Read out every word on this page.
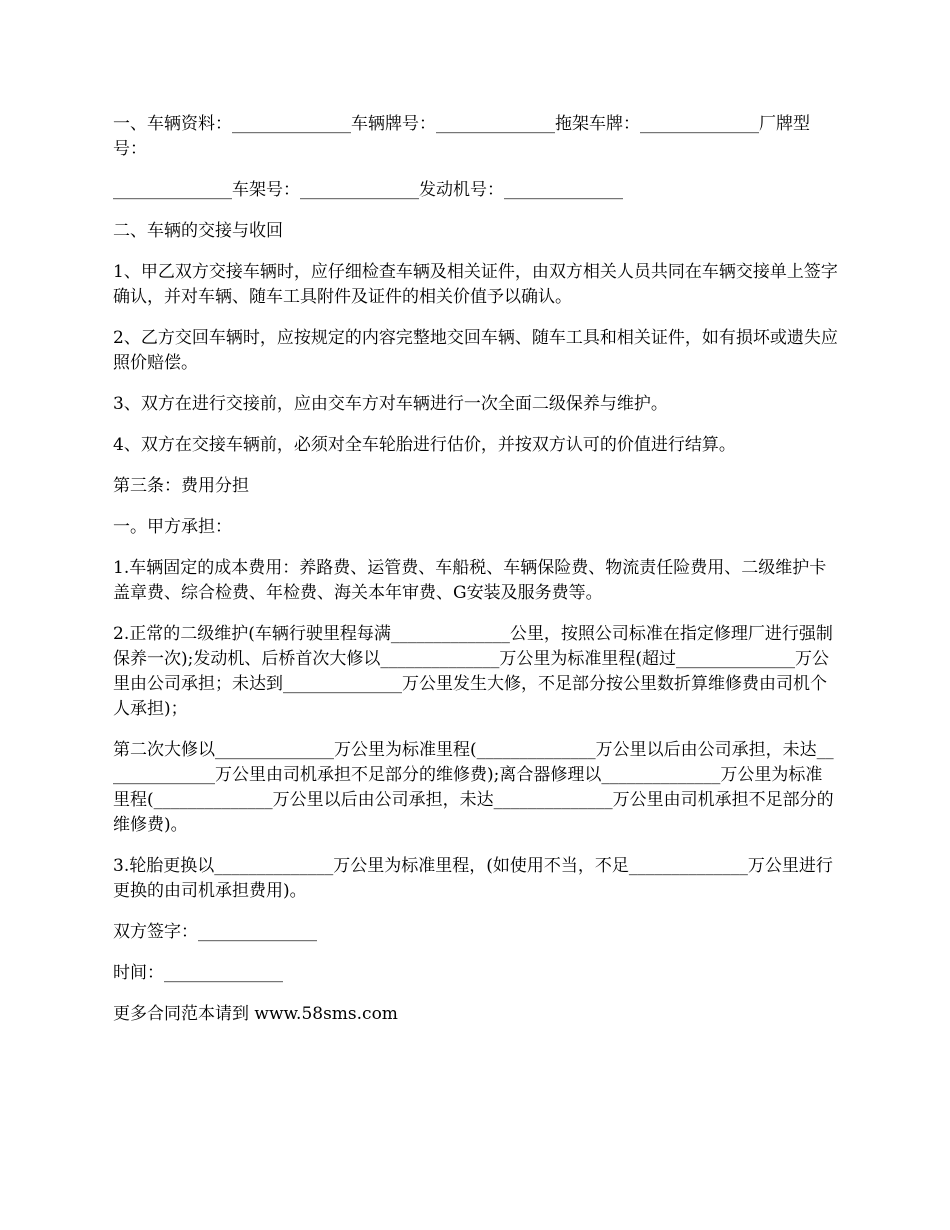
一、车辆资料：______________车辆牌号：______________拖架车牌：______________厂牌型号：

______________车架号：______________发动机号：______________

二、车辆的交接与收回

1、甲乙双方交接车辆时，应仔细检查车辆及相关证件，由双方相关人员共同在车辆交接单上签字确认，并对车辆、随车工具附件及证件的相关价值予以确认。

2、乙方交回车辆时，应按规定的内容完整地交回车辆、随车工具和相关证件，如有损坏或遗失应照价赔偿。

3、双方在进行交接前，应由交车方对车辆进行一次全面二级保养与维护。

4、双方在交接车辆前，必须对全车轮胎进行估价，并按双方认可的价值进行结算。

第三条：费用分担

一。甲方承担：

1.车辆固定的成本费用：养路费、运管费、车船税、车辆保险费、物流责任险费用、二级维护卡盖章费、综合检费、年检费、海关本年审费、G安装及服务费等。

2.正常的二级维护(车辆行驶里程每满______________公里，按照公司标准在指定修理厂进行强制保养一次);发动机、后桥首次大修以______________万公里为标准里程(超过______________万公里由公司承担；未达到______________万公里发生大修，不足部分按公里数折算维修费由司机个人承担)；

第二次大修以______________万公里为标准里程(______________万公里以后由公司承担，未达______________万公里由司机承担不足部分的维修费);离合器修理以______________万公里为标准里程(______________万公里以后由公司承担，未达______________万公里由司机承担不足部分的维修费)。

3.轮胎更换以______________万公里为标准里程，(如使用不当，不足______________万公里进行更换的由司机承担费用)。

双方签字：______________

时间：______________

更多合同范本请到 www.58sms.com
